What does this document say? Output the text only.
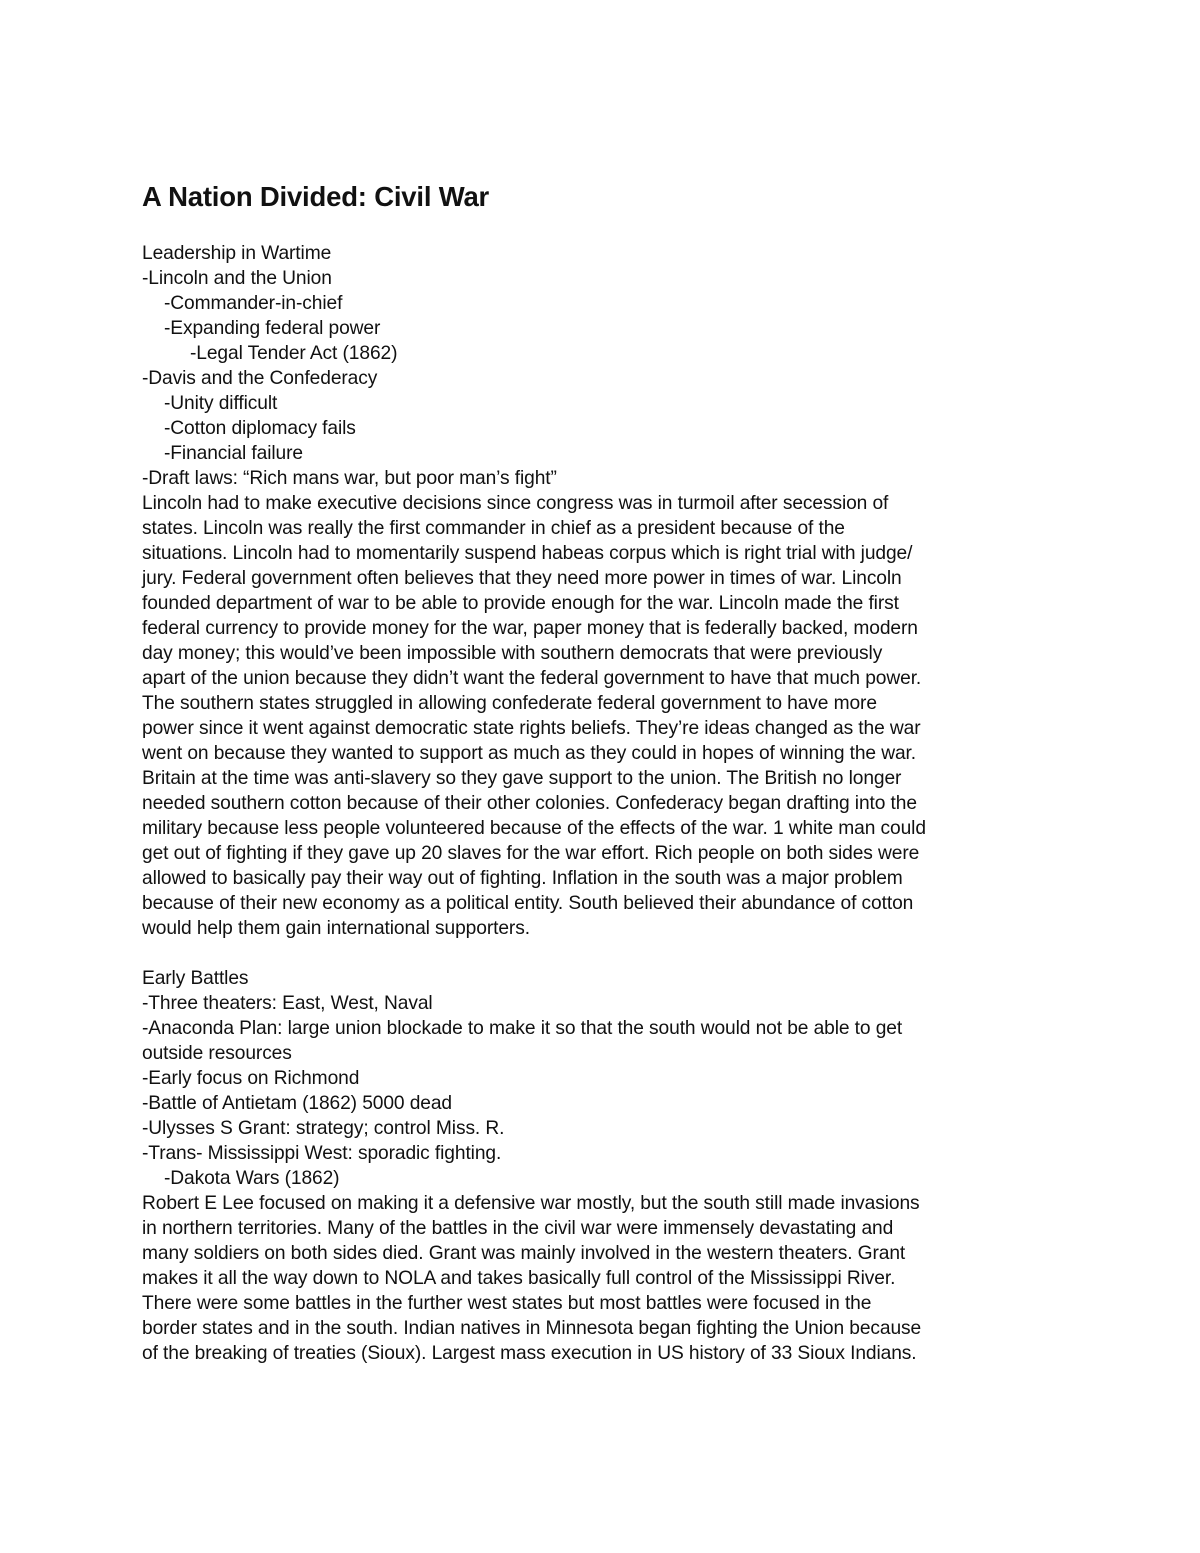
A Nation Divided: Civil War

Leadership in Wartime

-Lincoln and the Union

-Commander-in-chief

-Expanding federal power

-Legal Tender Act (1862)

-Davis and the Confederacy

-Unity difficult

-Cotton diplomacy fails

-Financial failure

-Draft laws: “Rich mans war, but poor man’s fight”

Lincoln had to make executive decisions since congress was in turmoil after secession of

states. Lincoln was really the first commander in chief as a president because of the

situations. Lincoln had to momentarily suspend habeas corpus which is right trial with judge/

jury. Federal government often believes that they need more power in times of war. Lincoln

founded department of war to be able to provide enough for the war. Lincoln made the first

federal currency to provide money for the war, paper money that is federally backed, modern

day money; this would’ve been impossible with southern democrats that were previously

apart of the union because they didn’t want the federal government to have that much power.

The southern states struggled in allowing confederate federal government to have more

power since it went against democratic state rights beliefs. They’re ideas changed as the war

went on because they wanted to support as much as they could in hopes of winning the war.

Britain at the time was anti-slavery so they gave support to the union. The British no longer

needed southern cotton because of their other colonies. Confederacy began drafting into the

military because less people volunteered because of the effects of the war. 1 white man could

get out of fighting if they gave up 20 slaves for the war effort. Rich people on both sides were

allowed to basically pay their way out of fighting. Inflation in the south was a major problem

because of their new economy as a political entity. South believed their abundance of cotton

would help them gain international supporters.

Early Battles

-Three theaters: East, West, Naval

-Anaconda Plan: large union blockade to make it so that the south would not be able to get

outside resources

-Early focus on Richmond

-Battle of Antietam (1862) 5000 dead

-Ulysses S Grant: strategy; control Miss. R.

-Trans- Mississippi West: sporadic fighting.

-Dakota Wars (1862)

Robert E Lee focused on making it a defensive war mostly, but the south still made invasions

in northern territories. Many of the battles in the civil war were immensely devastating and

many soldiers on both sides died. Grant was mainly involved in the western theaters. Grant

makes it all the way down to NOLA and takes basically full control of the Mississippi River.

There were some battles in the further west states but most battles were focused in the

border states and in the south. Indian natives in Minnesota began fighting the Union because

of the breaking of treaties (Sioux). Largest mass execution in US history of 33 Sioux Indians.
